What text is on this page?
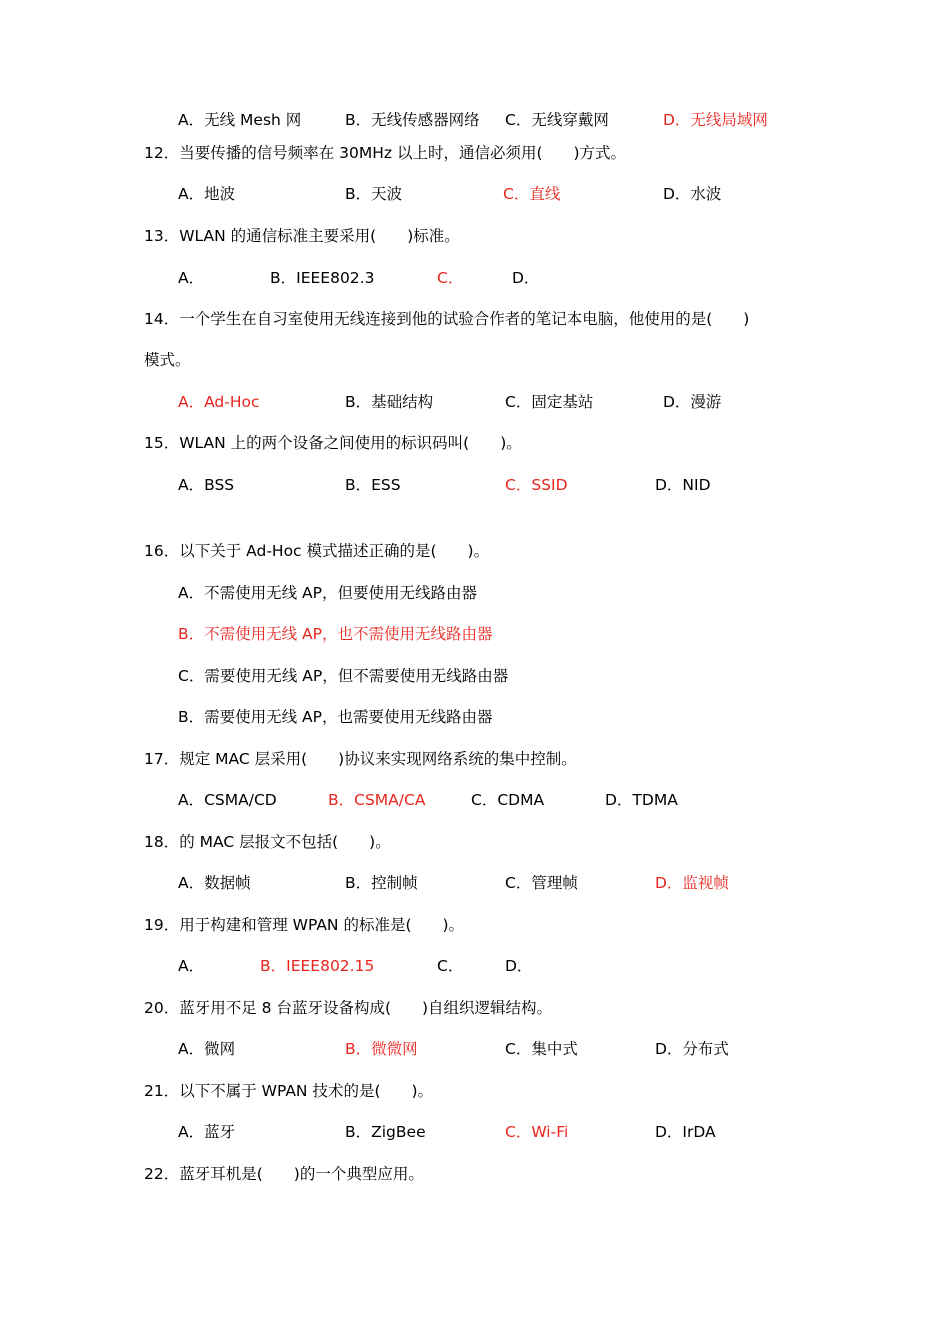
A．无线 Mesh 网	B．无线传感器网络 C．无线穿戴网	D．无线局域网
12．当要传播的信号频率在 30MHz 以上时，通信必须用(　　)方式。
A．地波	B．天波	C．直线	D．水波
13．WLAN 的通信标准主要采用(　　)标准。
A．	B．IEEE802.3	C．	D．
14．一个学生在自习室使用无线连接到他的试验合作者的笔记本电脑，他使用的是(　　)
模式。
A．Ad-Hoc	B．基础结构	C．固定基站	D．漫游
15．WLAN 上的两个设备之间使用的标识码叫(　　)。
A．BSS	B．ESS	C．SSID	D．NID
16．以下关于 Ad-Hoc 模式描述正确的是(　　)。
A．不需使用无线 AP，但要使用无线路由器
B．不需使用无线 AP，也不需使用无线路由器
C．需要使用无线 AP，但不需要使用无线路由器
B．需要使用无线 AP，也需要使用无线路由器
17．规定 MAC 层采用(　　)协议来实现网络系统的集中控制。
A．CSMA/CD	B．CSMA/CA	C．CDMA	D．TDMA
18．的 MAC 层报文不包括(　　)。
A．数据帧	B．控制帧	C．管理帧	D．监视帧
19．用于构建和管理 WPAN 的标准是(　　)。
A．	B．IEEE802.15	C．	D．
20．蓝牙用不足 8 台蓝牙设备构成(　　)自组织逻辑结构。
A．微网	B．微微网	C．集中式	D．分布式
21．以下不属于 WPAN 技术的是(　　)。
A．蓝牙	B．ZigBee	C．Wi-Fi	D．IrDA
22．蓝牙耳机是(　　)的一个典型应用。
